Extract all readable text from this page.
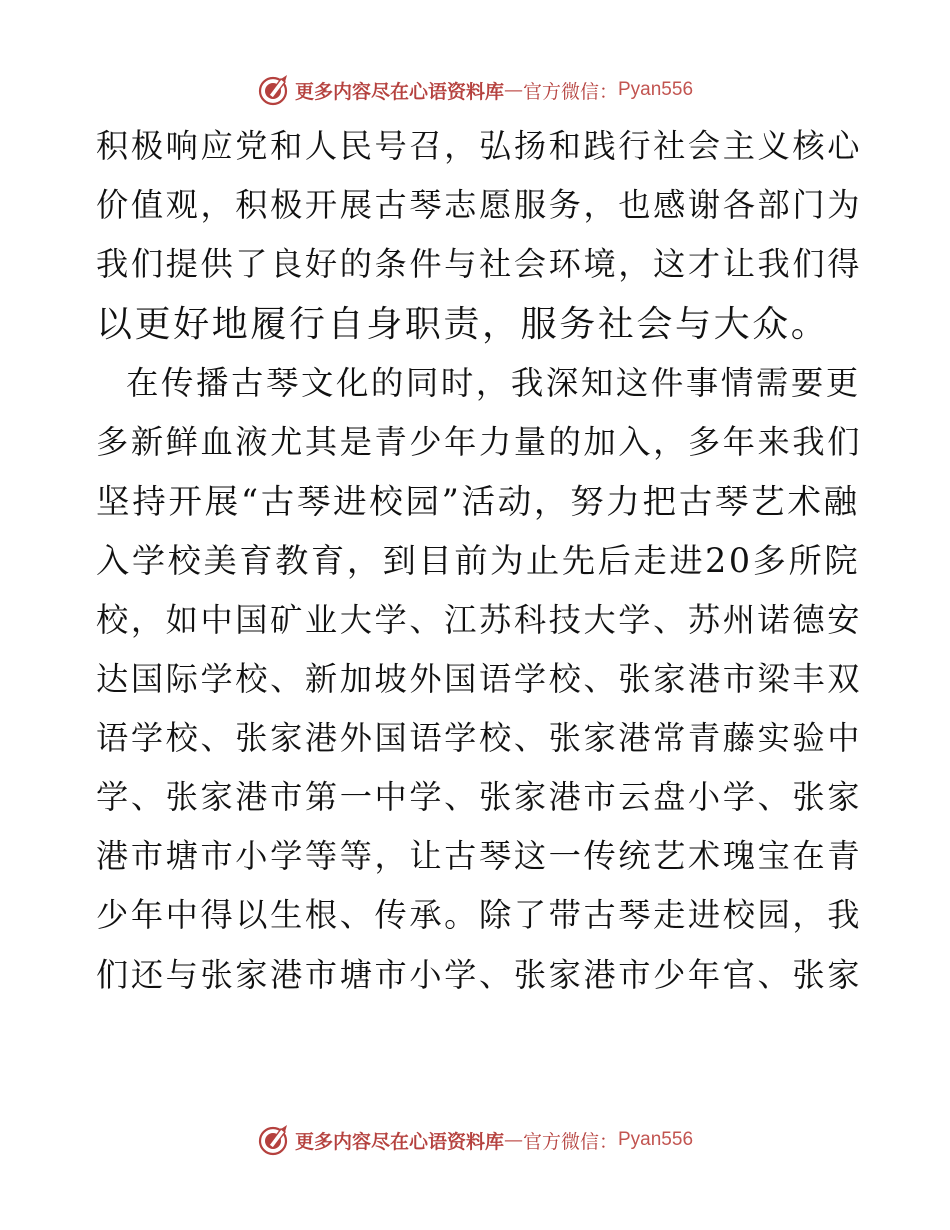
更多内容尽在心语资料库 — 官方微信： Pyan556

积极响应党和人民号召，弘扬和践行社会主义核心
价值观，积极开展古琴志愿服务，也感谢各部门为
我们提供了良好的条件与社会环境，这才让我们得
以更好地履行自身职责，服务社会与大众。

在传播古琴文化的同时，我深知这件事情需要更
多新鲜血液尤其是青少年力量的加入，多年来我们
坚持开展“古琴进校园”活动，努力把古琴艺术融
入学校美育教育，到目前为止先后走进20多所院
校，如中国矿业大学、江苏科技大学、苏州诺德安
达国际学校、新加坡外国语学校、张家港市梁丰双
语学校、张家港外国语学校、张家港常青藤实验中
学、张家港市第一中学、张家港市云盘小学、张家
港市塘市小学等等，让古琴这一传统艺术瑰宝在青
少年中得以生根、传承。除了带古琴走进校园，我
们还与张家港市塘市小学、张家港市少年官、张家

更多内容尽在心语资料库 — 官方微信： Pyan556
